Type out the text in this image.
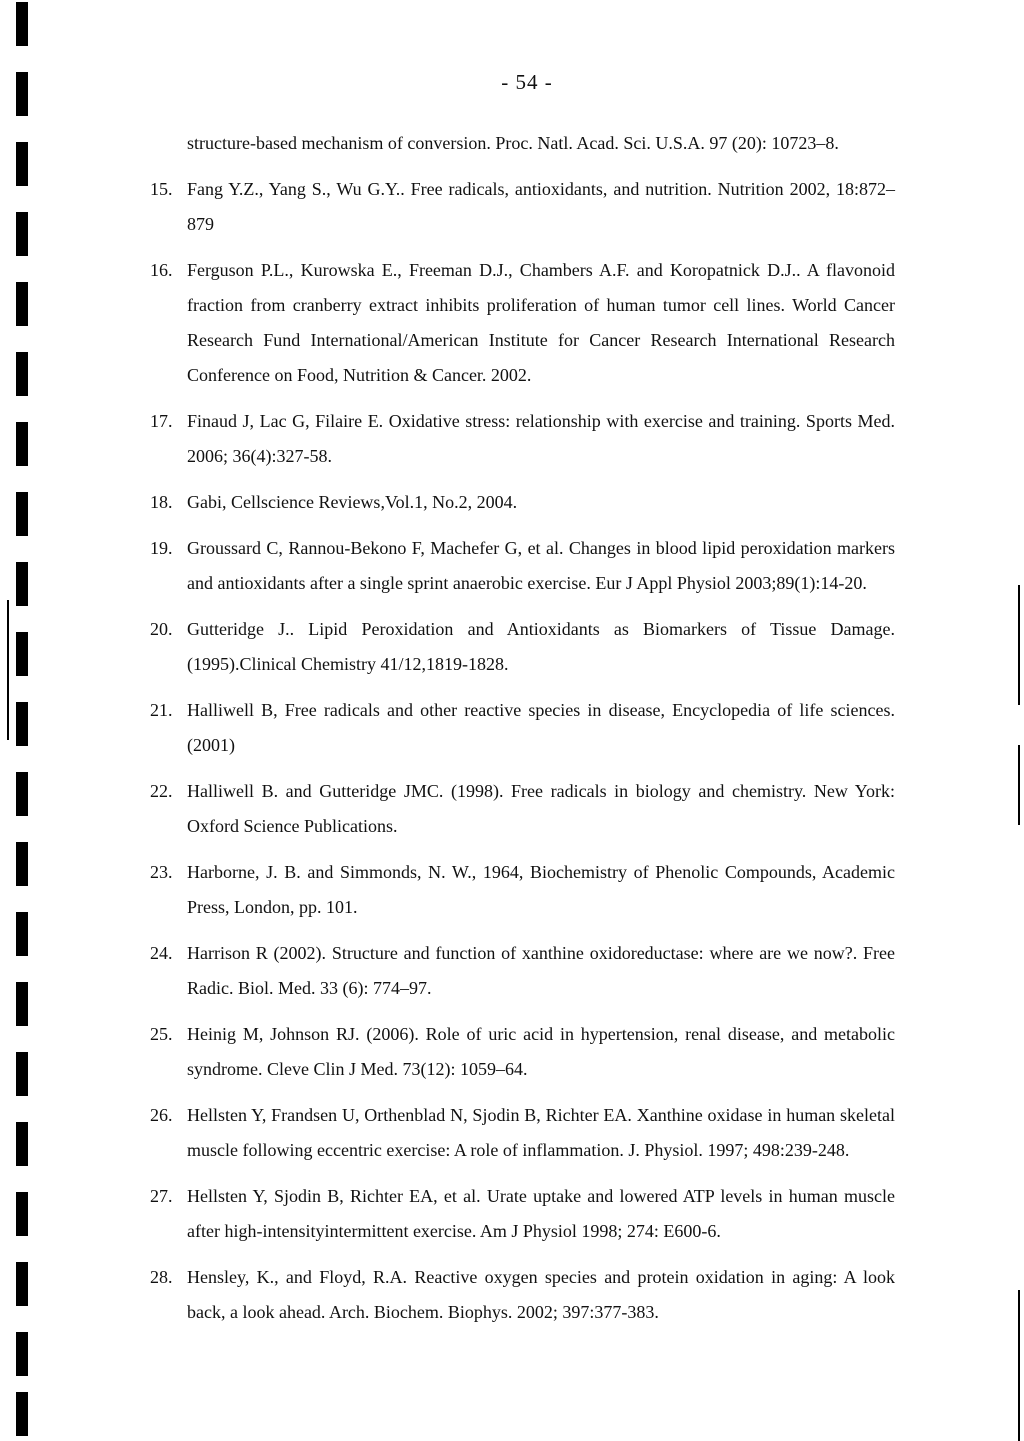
- 54 -
structure-based mechanism of conversion. Proc. Natl. Acad. Sci. U.S.A. 97 (20): 10723–8.
15. Fang Y.Z., Yang S., Wu G.Y.. Free radicals, antioxidants, and nutrition. Nutrition 2002, 18:872–879
16. Ferguson P.L., Kurowska E., Freeman D.J., Chambers A.F. and Koropatnick D.J.. A flavonoid fraction from cranberry extract inhibits proliferation of human tumor cell lines. World Cancer Research Fund International/American Institute for Cancer Research International Research Conference on Food, Nutrition & Cancer. 2002.
17. Finaud J, Lac G, Filaire E. Oxidative stress: relationship with exercise and training. Sports Med. 2006; 36(4):327-58.
18. Gabi, Cellscience Reviews,Vol.1, No.2, 2004.
19. Groussard C, Rannou-Bekono F, Machefer G, et al. Changes in blood lipid peroxidation markers and antioxidants after a single sprint anaerobic exercise. Eur J Appl Physiol 2003;89(1):14-20.
20. Gutteridge J.. Lipid Peroxidation and Antioxidants as Biomarkers of Tissue Damage. (1995).Clinical Chemistry 41/12,1819-1828.
21. Halliwell B, Free radicals and other reactive species in disease, Encyclopedia of life sciences. (2001)
22. Halliwell B. and Gutteridge JMC. (1998). Free radicals in biology and chemistry. New York: Oxford Science Publications.
23. Harborne, J. B. and Simmonds, N. W., 1964, Biochemistry of Phenolic Compounds, Academic Press, London, pp. 101.
24. Harrison R (2002). Structure and function of xanthine oxidoreductase: where are we now?. Free Radic. Biol. Med. 33 (6): 774–97.
25. Heinig M, Johnson RJ. (2006). Role of uric acid in hypertension, renal disease, and metabolic syndrome. Cleve Clin J Med. 73(12): 1059–64.
26. Hellsten Y, Frandsen U, Orthenblad N, Sjodin B, Richter EA. Xanthine oxidase in human skeletal muscle following eccentric exercise: A role of inflammation. J. Physiol. 1997; 498:239-248.
27. Hellsten Y, Sjodin B, Richter EA, et al. Urate uptake and lowered ATP levels in human muscle after high-intensityintermittent exercise. Am J Physiol 1998; 274: E600-6.
28. Hensley, K., and Floyd, R.A. Reactive oxygen species and protein oxidation in aging: A look back, a look ahead. Arch. Biochem. Biophys. 2002; 397:377-383.
